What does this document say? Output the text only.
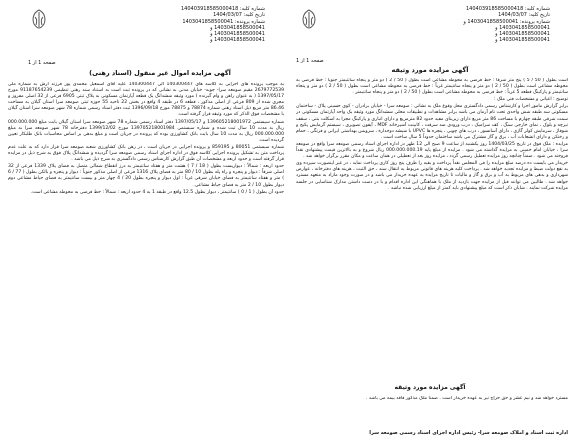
شماره کلیه: 140403918585000418
تاریخ کلیه: 1404/03/07
شماره پرونده: 1403041858500041
1403041858500041 و
1403041858500041 و
1403041858500041 و
صفحه 1 از 1
آگهی مزایده اموال غیر منقول (اسناد رهنی)

به موجب پرونده های اجرایی به کلاسه های 140300447 الی 140300447 علیه آقای اسمعیل محمدی پور فرزند آرش به شماره ملی 2679772539 مقیم صومعه سرا- جوبه- خیابان مدنی به نشانی که در پرونده ثبت است به استناد سند رهنی تنظیمی 91187654239 مورخ 1397/05/17 ( به عنوان راهن و وام گیرنده ) مورد وثیقه ششدانگ یک قطعه آپارتمان مسکونی به پلاک ثبتی 6905 فرعی از 32 اصلی مفروز و مجزی شده از 809 فرعی از اصلی مذکور ، قطعه 6 در طبقه 4 واقع در بخش 22 ناحیه 55 حوزه ثبتی صومعه سرا استان گیلان به مساحت 86.46 متر مربع ذیل اسناد رهنی شماره 78874 و 78875 مورخ 1396/09/18 ثبت دفتر اسناد رسمی شماره 78 شهر صومعه سرا استان گیلان با مشخصات فوق الذکر که مورد وثیقه قرار گرفته است.

شماره سیستمی 139605218001972 و 1397/05/17 دفتر اسناد رسمی شماره 78 شهر صومعه سرا استان گیلان بابت مبلغ 000.000.000 ریال به مدت 10 سال ثبت شده و شماره سیستمی 139705218001984 مورخ 1399/12/02 دفترخانه 78 شهر صومعه سرا به مبلغ 000.000.000 ریال به مدت 10 سال بابت بانک کشاورزی بوده که پرونده در جریان است و مبلغ بدهی بر اساس محاسبات بانک طلبکار تعیین گردیده است.

شماره سیستمی 80051 و 859195 و پرونده اجرایی در جریان است ، در رهن بانک کشاورزی شعبه صومعه سرا قرار دارد که به علت عدم پرداخت متن به تشکیل پرونده اجرایی کلاسه فوق در اداره اجرای اسناد رسمی صومعه سرا گردیده و ششدانگ پلاک فوق به شرح ذیل در مزایده قرار گرفته است و حدود اربعه و مشخصات آن طبق گزارش کارشناس رسمی دادگستری به شرح ذیل می باشد .

حدود اربعه : شمالاً : دیواریست بطول ( 18 / 7 ) هشت متر و هفتاد سانتیمتر به درز انقطاع شمالی متصل به فضای پلاک 1339 فرعی از 32 اصلی شرقاً : دیوار و پنجره و راه پله بطول 10 / 80 متر به فضای پلاک 1316 فرعی از اصلی مذکور جنوباً : دیوار و پنجره و بالکن بطول ( 77 / 6 ) متر و هفتاد سانتیمتر به فضای خیابان شرقی غرباً : اول دیوار و پنجره بطول 20 / 4 چهار متر و بیست سانتیمتر به فضای حیاط مشاعی دوم دیوار بطول 10 / 2 متر به فضای حیاط مشاعی.

حدود آن بطول ( 1 / 0 ) سانتیمتر ، دیوار بطول 12.5 واقع در طبقه 1 به 4 حدود اربعه : شمالاً : خط فرضی به محوطه مشاعی است.

شماره کلیه: 140403918585000418
تاریخ کلیه: 1404/03/07
شماره پرونده: 1403041858500041 و
1403041858500041 و
1403041858500041 و
1403041858500041 و
صفحه 1 از 1
آگهی مزایده مورد وثیقه

است بطول ( 50 / 5 ) پنج متر شرقاً : خط فرضی به محوطه مشاعی است بطول ( 50 / 2 ) دو متر و پنجاه سانتیمتر جنوباً : خط فرضی به محوطه مشاعی است بطول ( 50 / 2 ) دو متر و پنجاه سانتیمتر غرباً : خط فرضی به محوطه مشاعی است بطول ( 50 / 2 ) دو متر و پنجاه سانتیمتر و پارکینگ قطعه 5 غرباً : خط فرضی به محوطه مشاعی است بطول ( 50 / 2 ) دو متر و پنجاه سانتیمتر .

توضیح : اعیانی و مشخصات فنی ملک :

برابر گزارش مامور اجرا و کارشناس رسمی دادگستری محل وقوع ملک به نشانی : صومعه سرا - خیابان برادران - کوی حسینی پلاک - ساختمان مسکونی سه طبقه شش واحدی تحت نام آرمان می باشد برابر مشاهدات و تطبیقات محلی ششدانگ مورد وثیقه یک واحد آپارتمان مسکونی در سمت شرقی طبقه چهارم با مساحت 86 متر مربع دارای زیربنای مفید حدود 82 مترمربع و دارای انباری و پارکینگ مجزا به اسکلت بتنی ، سقف تیرچه و بلوک ، نمای خارجی سنگ ، کف سرامیک ، درب ورودی ضد سرقت ، کابینت آشپزخانه MDF ، آیفون تصویری ، سیستم گرمایش پکیج و شوفاژ ، سرمایش کولر گازی ، دارای آسانسور ، درب های چوبی ، پنجره ها UPVC با شیشه دوجداره ، سرویس بهداشتی ایرانی و فرنگی ، حمام و رختکن و دارای انشعابات آب ، برق و گاز مشترک می باشد ساختمان حدوداً 5 سال ساخت است .

مزایده : ملک فوق در تاریخ 1404/03/25 روز یکشنبه از ساعت 9 صبح الی 12 ظهر در اداره اجرای اسناد رسمی صومعه سرا واقع در صومعه سرا ، خیابان امام خمینی به مزایده گذاشته می شود . مزایده از مبلغ پایه 000.000.000.19 ریال شروع و به بالاترین قیمت پیشنهادی نقداً فروخته می شود . ضمناً چنانچه روز مزایده تعطیل رسمی گردد ، مزایده روز بعد از تعطیلی در همان ساعت و مکان مقرر برگزار خواهد شد .

خریدار می بایست ده درصد مبلغ مزایده را فی المجلس نقداً پرداخت و بقیه را ظرف پنج روز کاری پرداخت نماید ، در غیر اینصورت سپرده وی به نفع دولت ضبط و مزایده تجدید خواهد شد . پرداخت کلیه هزینه های قانونی مربوط به انتقال سند ، حق الثبت ، هزینه های دفترخانه ، عوارض شهرداری و بدهی های مربوط به آب و برق و گاز و مالیات تا تاریخ مزایده به عهده خریدار می باشد و در صورت وجود مازاد به متعهد مسترد خواهد شد . طالبین می توانند قبل از مزایده جهت بازدید از ملک با هماهنگی این اداره اقدام و با در دست داشتن مدارک شناسایی در جلسه مزایده شرکت نمایند . شایان ذکر است که مبلغ پیشنهادی باید کمتر از مبلغ ارزیابی شده نباشد .

آگهی مزایده مورد وثیقه
مسترد خواهد شد و نیم عشر و حق حراج نیز به عهده خریدار است . ضمناً ملک مذکور فاقد بیمه می باشد .
اداره ثبت اسناد و املاک صومعه سرا- رئیس اداره اجرای اسناد رسمی صومعه سرا
